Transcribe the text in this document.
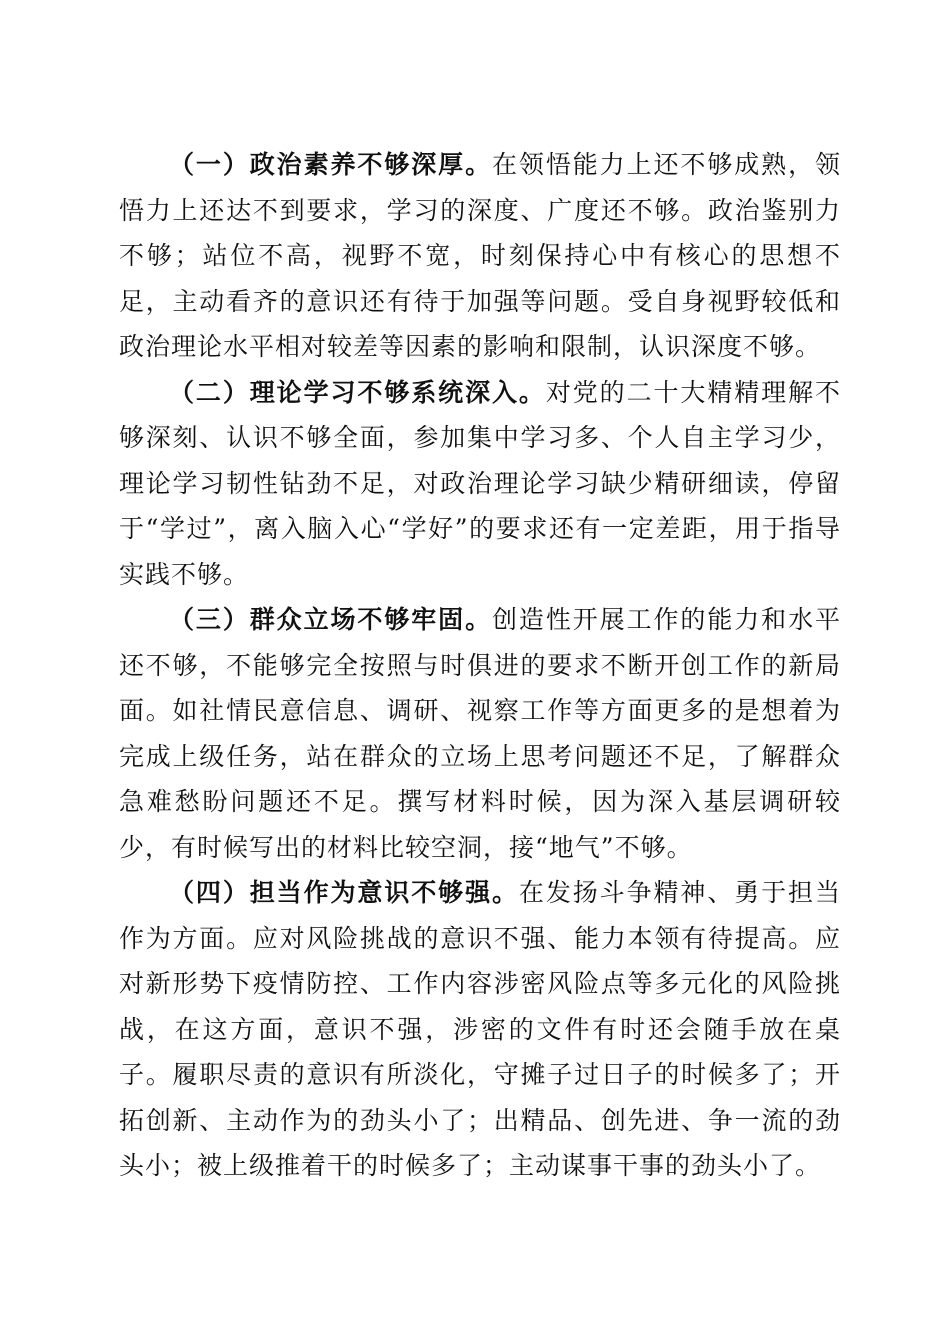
（一）政治素养不够深厚。在领悟能力上还不够成熟，领悟力上还达不到要求，学习的深度、广度还不够。政治鉴别力不够；站位不高，视野不宽，时刻保持心中有核心的思想不足，主动看齐的意识还有待于加强等问题。受自身视野较低和政治理论水平相对较差等因素的影响和限制，认识深度不够。

（二）理论学习不够系统深入。对党的二十大精精理解不够深刻、认识不够全面，参加集中学习多、个人自主学习少，理论学习韧性钻劲不足，对政治理论学习缺少精研细读，停留于“学过”，离入脑入心“学好”的要求还有一定差距，用于指导实践不够。

（三）群众立场不够牢固。创造性开展工作的能力和水平还不够，不能够完全按照与时俱进的要求不断开创工作的新局面。如社情民意信息、调研、视察工作等方面更多的是想着为完成上级任务，站在群众的立场上思考问题还不足，了解群众急难愁盼问题还不足。撰写材料时候，因为深入基层调研较少，有时候写出的材料比较空洞，接“地气”不够。

（四）担当作为意识不够强。在发扬斗争精神、勇于担当作为方面。应对风险挑战的意识不强、能力本领有待提高。应对新形势下疫情防控、工作内容涉密风险点等多元化的风险挑战，在这方面，意识不强，涉密的文件有时还会随手放在桌子。履职尽责的意识有所淡化，守摊子过日子的时候多了；开拓创新、主动作为的劲头小了；出精品、创先进、争一流的劲头小；被上级推着干的时候多了；主动谋事干事的劲头小了。
